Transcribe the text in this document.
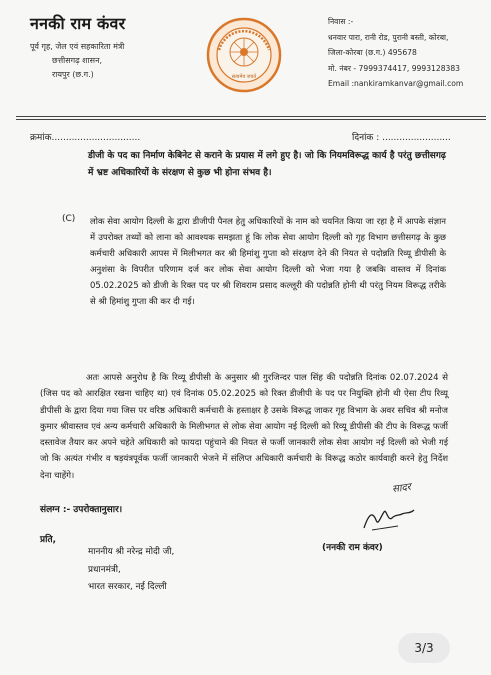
ननकी राम कंवर
पूर्व गृह, जेल एवं सहकारिता मंत्री
छत्तीसगढ़ शासन,
रायपुर (छ.ग.)	सत्यमेव जयते
निवास :-
धनवार पारा, रानी रोड, पुरानी बस्ती, कोरबा,
जिला-कोरबा (छ.ग.) 495678
मो. नंबर - 7999374417, 9993128383
Email :nankiramkanvar@gmail.com
क्रमांक...............................	दिनांक : ........................
डीजी के पद का निर्माण केबिनेट से कराने के प्रयास में लगे हुए है। जो कि नियमविरूद्ध कार्य है परंतु छत्तीसगढ़ में भ्रष्ट अधिकारियों के संरक्षण से कुछ भी होना संभव है।
(C) लोक सेवा आयोग दिल्ली के द्वारा डीजीपी पैनल हेतु अधिकारियों के नाम को चयनित किया जा रहा है में आपके संज्ञान में उपरोक्त तथ्यों को लाना को आवश्यक समझता हूं कि लोक सेवा आयोग दिल्ली को गृह विभाग छत्तीसगढ़ के कुछ कर्मचारी अधिकारी आपस में मिलीभगत कर श्री हिमांशु गुप्ता को संरक्षण देने की नियत से पदोन्नति रिव्यू डीपीसी के अनुशंसा के विपरीत परिणाम दर्ज कर लोक सेवा आयोग दिल्ली को भेजा गया है जबकि वास्तव में दिनांक 05.02.2025 को डीजी के रिक्त पद पर श्री शिवराम प्रसाद कल्लूरी की पदोन्नति होनी थी परंतु नियम विरूद्ध तरीके से श्री हिमांशु गुप्ता की कर दी गई।
अतः आपसे अनुरोध है कि रिव्यू डीपीसी के अनुसार श्री गुरजिन्दर पाल सिंह की पदोन्नति दिनांक 02.07.2024 से (जिस पद को आरक्षित रखना चाहिए था) एवं दिनांक 05.02.2025 को रिक्त डीजीपी के पद पर नियुक्ति होनी थी ऐसा टीप रिव्यू डीपीसी के द्वारा दिया गया जिस पर वरिष्ठ अधिकारी कर्मचारी के हस्ताक्षर है उसके विरूद्ध जाकर गृह विभाग के अवर सचिव श्री मनोज कुमार श्रीवास्तव एवं अन्य कर्मचारी अधिकारी के मिलीभगत से लोक सेवा आयोग नई दिल्ली को रिव्यू डीपीसी की टीप के विरूद्ध फर्जी दस्तावेज तैयार कर अपने चहेते अधिकारी को फायदा पहुंचाने की नियत से फर्जी जानकारी लोक सेवा आयोग नई दिल्ली को भेजी गई जो कि अत्यंत गंभीर व षड़यंत्रपूर्वक फर्जी जानकारी भेजने में संलिप्त अधिकारी कर्मचारी के विरूद्ध कठोर कार्यवाही करने हेतु निर्देश देना चाहेंगे।
सादर
संलग्न :- उपरोक्तानुसार।
प्रति,
माननीय श्री नरेन्द्र मोदी जी,
प्रधानमंत्री,
भारत सरकार, नई दिल्ली
(ननकी राम कंवर)
3/3
